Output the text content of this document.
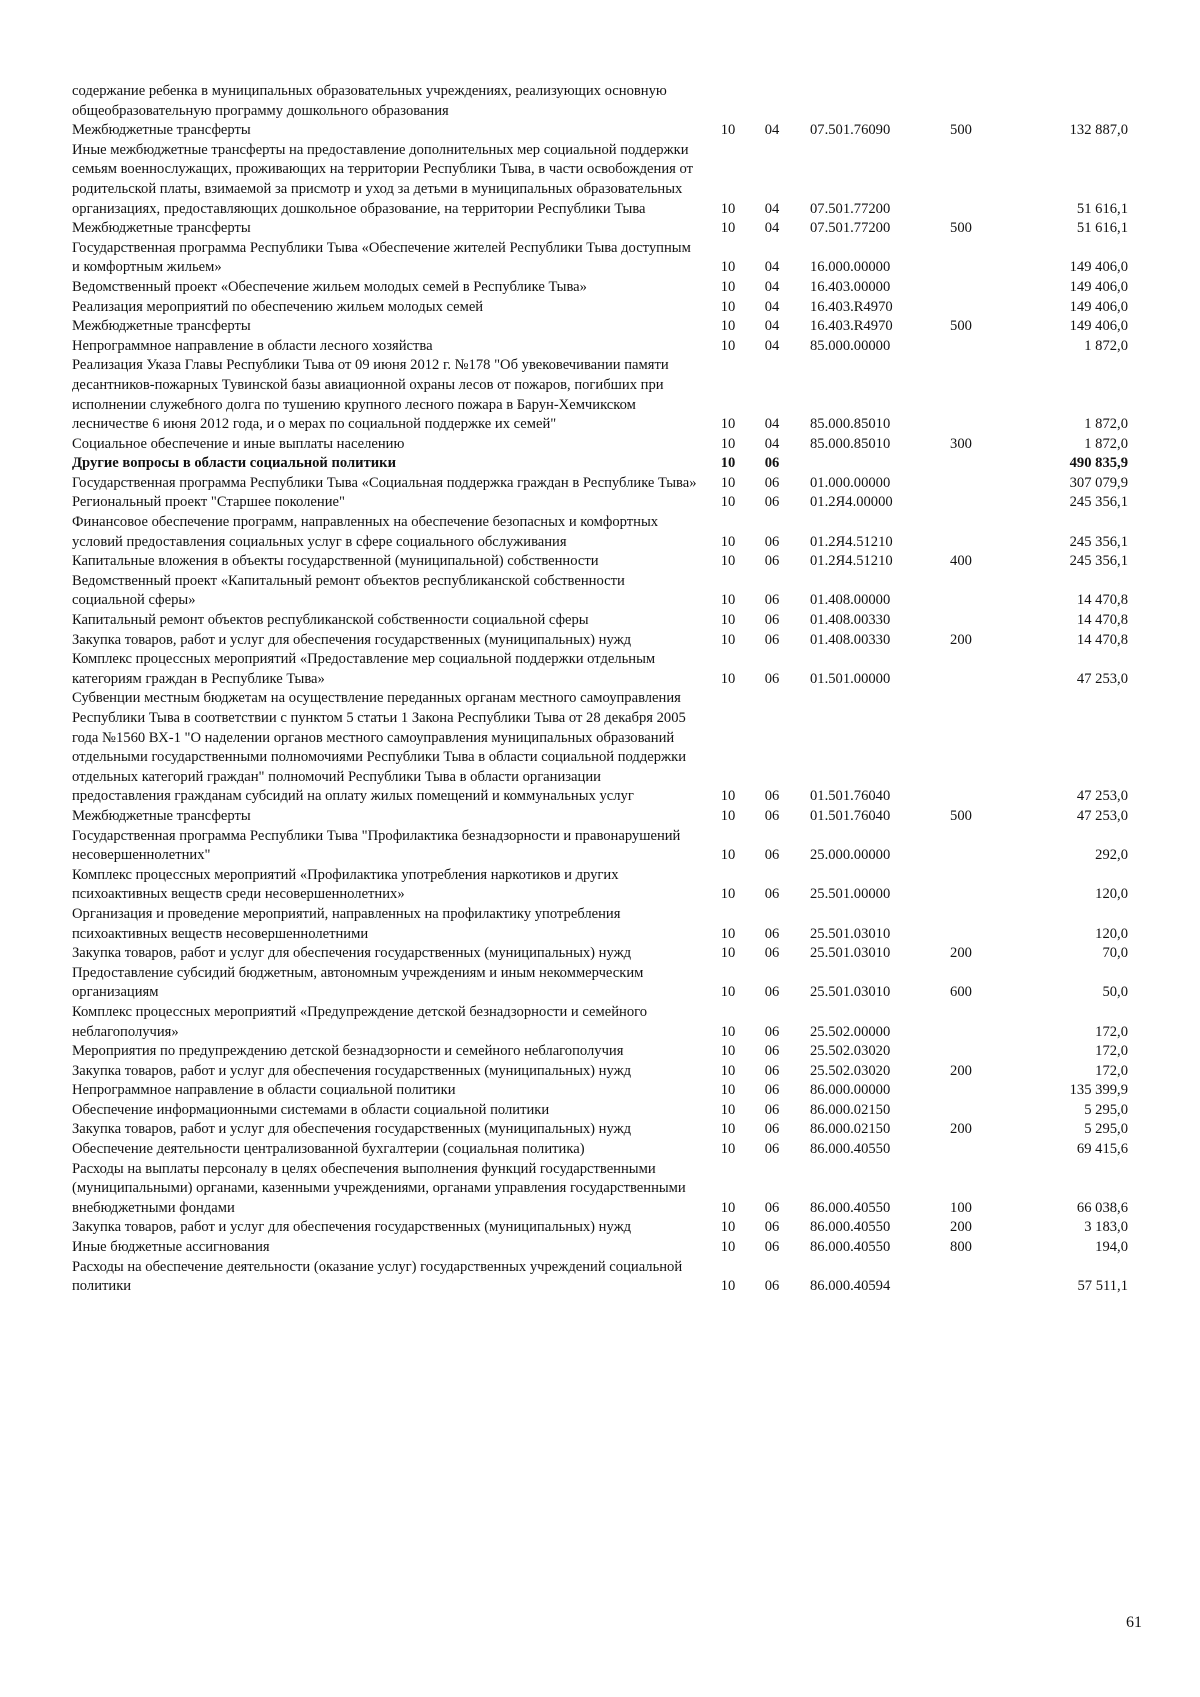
содержание ребенка в муниципальных образовательных учреждениях, реализующих основную общеобразовательную программу дошкольного образования					
Межбюджетные трансферты	10	04	07.501.76090	500	132 887,0
Иные межбюджетные трансферты на предоставление дополнительных мер социальной поддержки семьям военнослужащих, проживающих на территории Республики Тыва, в части освобождения от родительской платы, взимаемой за присмотр и уход за детьми в муниципальных образовательных организациях, предоставляющих дошкольное образование, на территории Республики Тыва	10	04	07.501.77200		51 616,1
Межбюджетные трансферты	10	04	07.501.77200	500	51 616,1
Государственная программа Республики Тыва «Обеспечение жителей Республики Тыва доступным и комфортным жильем»	10	04	16.000.00000		149 406,0
Ведомственный проект «Обеспечение жильем молодых семей в Республике Тыва»	10	04	16.403.00000		149 406,0
Реализация мероприятий по обеспечению жильем молодых семей	10	04	16.403.R4970		149 406,0
Межбюджетные трансферты	10	04	16.403.R4970	500	149 406,0
Непрограммное направление в области лесного хозяйства	10	04	85.000.00000		1 872,0
Реализация Указа Главы Республики Тыва от 09 июня 2012 г. №178 "Об увековечивании памяти десантников-пожарных Тувинской базы авиационной охраны лесов от пожаров, погибших при исполнении служебного долга по тушению крупного лесного пожара в Барун-Хемчикском лесничестве 6 июня 2012 года, и о мерах по социальной поддержке их семей"	10	04	85.000.85010		1 872,0
Социальное обеспечение и иные выплаты населению	10	04	85.000.85010	300	1 872,0
Другие вопросы в области социальной политики	10	06			490 835,9
Государственная программа Республики Тыва «Социальная поддержка граждан в Республике Тыва»	10	06	01.000.00000		307 079,9
Региональный проект "Старшее поколение"	10	06	01.2Я4.00000		245 356,1
Финансовое обеспечение программ, направленных на обеспечение безопасных и комфортных условий предоставления социальных услуг в сфере социального обслуживания	10	06	01.2Я4.51210		245 356,1
Капитальные вложения в объекты государственной (муниципальной) собственности	10	06	01.2Я4.51210	400	245 356,1
Ведомственный проект «Капитальный ремонт объектов республиканской собственности социальной сферы»	10	06	01.408.00000		14 470,8
Капитальный ремонт объектов республиканской собственности социальной сферы	10	06	01.408.00330		14 470,8
Закупка товаров, работ и услуг для обеспечения государственных (муниципальных) нужд	10	06	01.408.00330	200	14 470,8
Комплекс процессных мероприятий «Предоставление мер социальной поддержки отдельным категориям граждан в Республике Тыва»	10	06	01.501.00000		47 253,0
Субвенции местным бюджетам на осуществление переданных органам местного самоуправления Республики Тыва в соответствии с пунктом 5 статьи 1 Закона Республики Тыва от 28 декабря 2005 года №1560 ВХ-1 "О наделении органов местного самоуправления муниципальных образований отдельными государственными полномочиями Республики Тыва в области социальной поддержки отдельных категорий граждан" полномочий Республики Тыва в области организации предоставления гражданам субсидий на оплату жилых помещений и коммунальных услуг	10	06	01.501.76040		47 253,0
Межбюджетные трансферты	10	06	01.501.76040	500	47 253,0
Государственная программа Республики Тыва "Профилактика безнадзорности и правонарушений несовершеннолетних"	10	06	25.000.00000		292,0
Комплекс процессных мероприятий «Профилактика употребления наркотиков и других психоактивных веществ среди несовершеннолетних»	10	06	25.501.00000		120,0
Организация и проведение мероприятий, направленных на профилактику употребления психоактивных веществ несовершеннолетними	10	06	25.501.03010		120,0
Закупка товаров, работ и услуг для обеспечения государственных (муниципальных) нужд	10	06	25.501.03010	200	70,0
Предоставление субсидий бюджетным, автономным учреждениям и иным некоммерческим организациям	10	06	25.501.03010	600	50,0
Комплекс процессных мероприятий «Предупреждение детской безнадзорности и семейного неблагополучия»	10	06	25.502.00000		172,0
Мероприятия по предупреждению детской безнадзорности и семейного неблагополучия	10	06	25.502.03020		172,0
Закупка товаров, работ и услуг для обеспечения государственных (муниципальных) нужд	10	06	25.502.03020	200	172,0
Непрограммное направление в области социальной политики	10	06	86.000.00000		135 399,9
Обеспечение информационными системами в области социальной политики	10	06	86.000.02150		5 295,0
Закупка товаров, работ и услуг для обеспечения государственных (муниципальных) нужд	10	06	86.000.02150	200	5 295,0
Обеспечение деятельности централизованной бухгалтерии (социальная политика)	10	06	86.000.40550		69 415,6
Расходы на выплаты персоналу в целях обеспечения выполнения функций государственными (муниципальными) органами, казенными учреждениями, органами управления государственными внебюджетными фондами	10	06	86.000.40550	100	66 038,6
Закупка товаров, работ и услуг для обеспечения государственных (муниципальных) нужд	10	06	86.000.40550	200	3 183,0
Иные бюджетные ассигнования	10	06	86.000.40550	800	194,0
Расходы на обеспечение деятельности (оказание услуг) государственных учреждений социальной политики	10	06	86.000.40594		57 511,1
61
